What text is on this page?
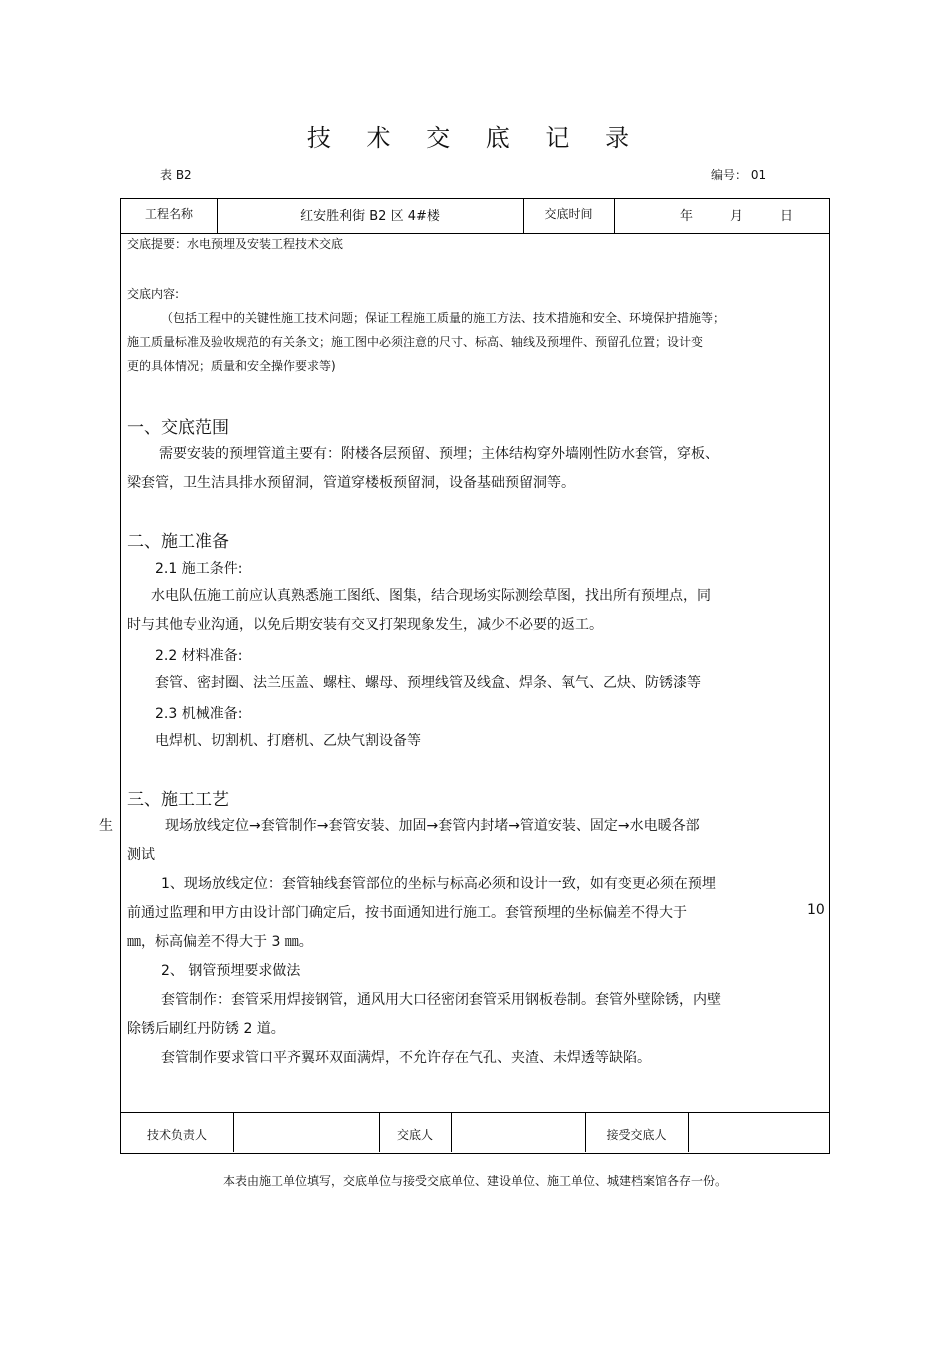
技 术 交 底 记 录
表 B2	编号： 01
工程名称	红安胜利街 B2 区 4#楼	交底时间	年	月	日
交底提要：水电预埋及安装工程技术交底
交底内容:
（包括工程中的关键性施工技术问题；保证工程施工质量的施工方法、技术措施和安全、环境保护措施等；
施工质量标准及验收规范的有关条文；施工图中必须注意的尺寸、标高、轴线及预埋件、预留孔位置；设计变
更的具体情况；质量和安全操作要求等)
一、交底范围
需要安装的预埋管道主要有：附楼各层预留、预埋；主体结构穿外墙刚性防水套管，穿板、
梁套管，卫生洁具排水预留洞，管道穿楼板预留洞，设备基础预留洞等。
二、施工准备
2.1 施工条件:
水电队伍施工前应认真熟悉施工图纸、图集，结合现场实际测绘草图，找出所有预埋点，同
时与其他专业沟通，以免后期安装有交叉打架现象发生，减少不必要的返工。
2.2 材料准备:
套管、密封圈、法兰压盖、螺柱、螺母、预埋线管及线盒、焊条、氧气、乙炔、防锈漆等
2.3 机械准备:
电焊机、切割机、打磨机、乙炔气割设备等
三、施工工艺
现场放线定位→套管制作→套管安装、加固→套管内封堵→管道安装、固定→水电暖各部
测试
1、现场放线定位：套管轴线套管部位的坐标与标高必须和设计一致，如有变更必须在预埋
前通过监理和甲方由设计部门确定后，按书面通知进行施工。套管预埋的坐标偏差不得大于
㎜，标高偏差不得大于 3 ㎜。
2、 钢管预埋要求做法
套管制作：套管采用焊接钢管，通风用大口径密闭套管采用钢板卷制。套管外壁除锈，内壁
除锈后刷红丹防锈 2 道。
套管制作要求管口平齐翼环双面满焊，不允许存在气孔、夹渣、未焊透等缺陷。
技术负责人	交底人	接受交底人
生
10
本表由施工单位填写，交底单位与接受交底单位、建设单位、施工单位、城建档案馆各存一份。
